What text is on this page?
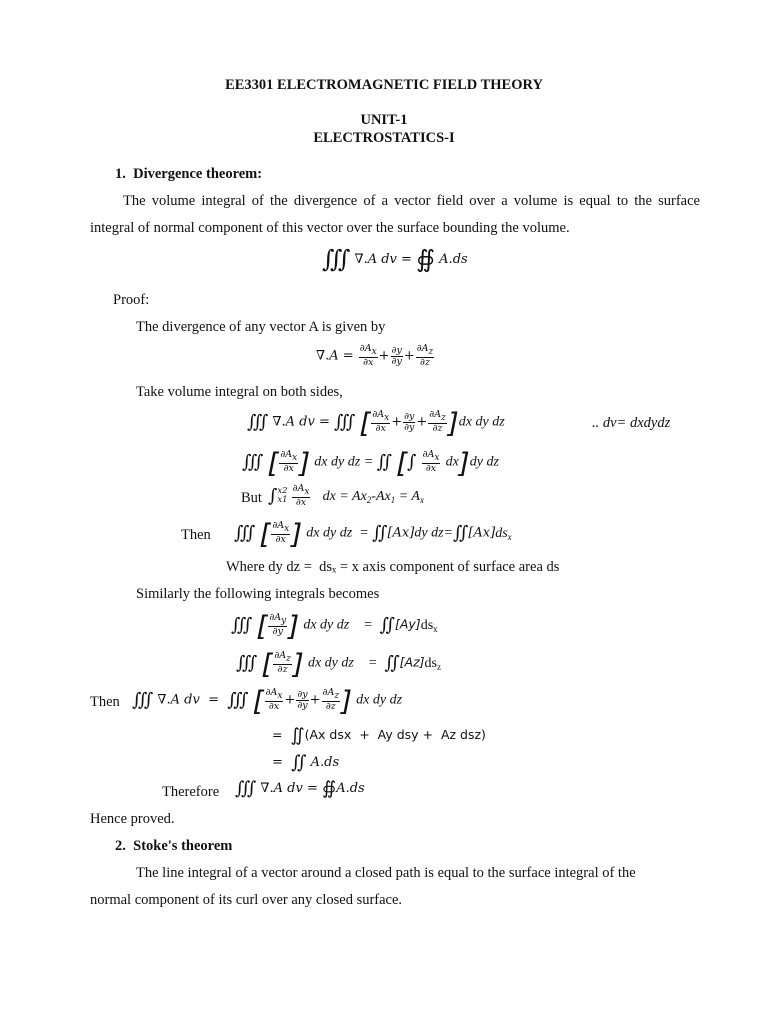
EE3301 ELECTROMAGNETIC FIELD THEORY
UNIT-1
ELECTROSTATICS-I
1.  Divergence theorem:
The volume integral of the divergence of a vector field over a volume is equal to the surface
integral of normal component of this vector over the surface bounding the volume.
∭ ∇.A dv = ∯ A.ds
Proof:
The divergence of any vector A is given by
$\nabla.A = \frac{\partial A_x}{\partial x} + \frac{\partial y}{\partial y} + \frac{\partial A_z}{\partial z}$
Take volume integral on both sides,
∭ ∇.A dv = ∭ [ $\frac{\partial A_x}{\partial x} + \frac{\partial y}{\partial y} + \frac{\partial A_z}{\partial z} ]dx$ dy dz	.. dv= dxdydz
∭ [ $\frac{\partial A_x}{\partial x}$ ] dx dy dz = ∬ [∫ $\frac{\partial A_x}{\partial x} dx]dy$ dz
But ∫x2
$x1 \frac{\partial A_x}{\partial x}$ dx = $Ax_2-Ax_1 = A_x$
Then ∭ [ $\frac{\partial A_x}{\partial x}$ ] dx dy dz  = ∬[Ax]dy $dz=∬[Ax]ds_x$
Where dy dz =  dsₓ = x axis component of surface area ds
Similarly the following integrals becomes
∭ [ $\frac{\partial A_y}{\partial y}$ ] dx dy dz    =  $∬[Ay]ds_x$
∭ [ $\frac{\partial A_z}{\partial z}$ ] dx dy dz    =  $∬[Az]ds_z$
Then ∭ ∇.A dv  =  ∭ [ $\frac{\partial A_x}{\partial x} + \frac{\partial y}{\partial y} + \frac{\partial A_z}{\partial z}$ ] dx dy dz
=  ∬(Ax dsx  +  Ay dsy +  Az dsz)
= ∬ A.ds
Therefore ∭ ∇.A dv = ∯A.ds
Hence proved.
2.  Stoke's theorem
The line integral of a vector around a closed path is equal to the surface integral of the
normal component of its curl over any closed surface.
